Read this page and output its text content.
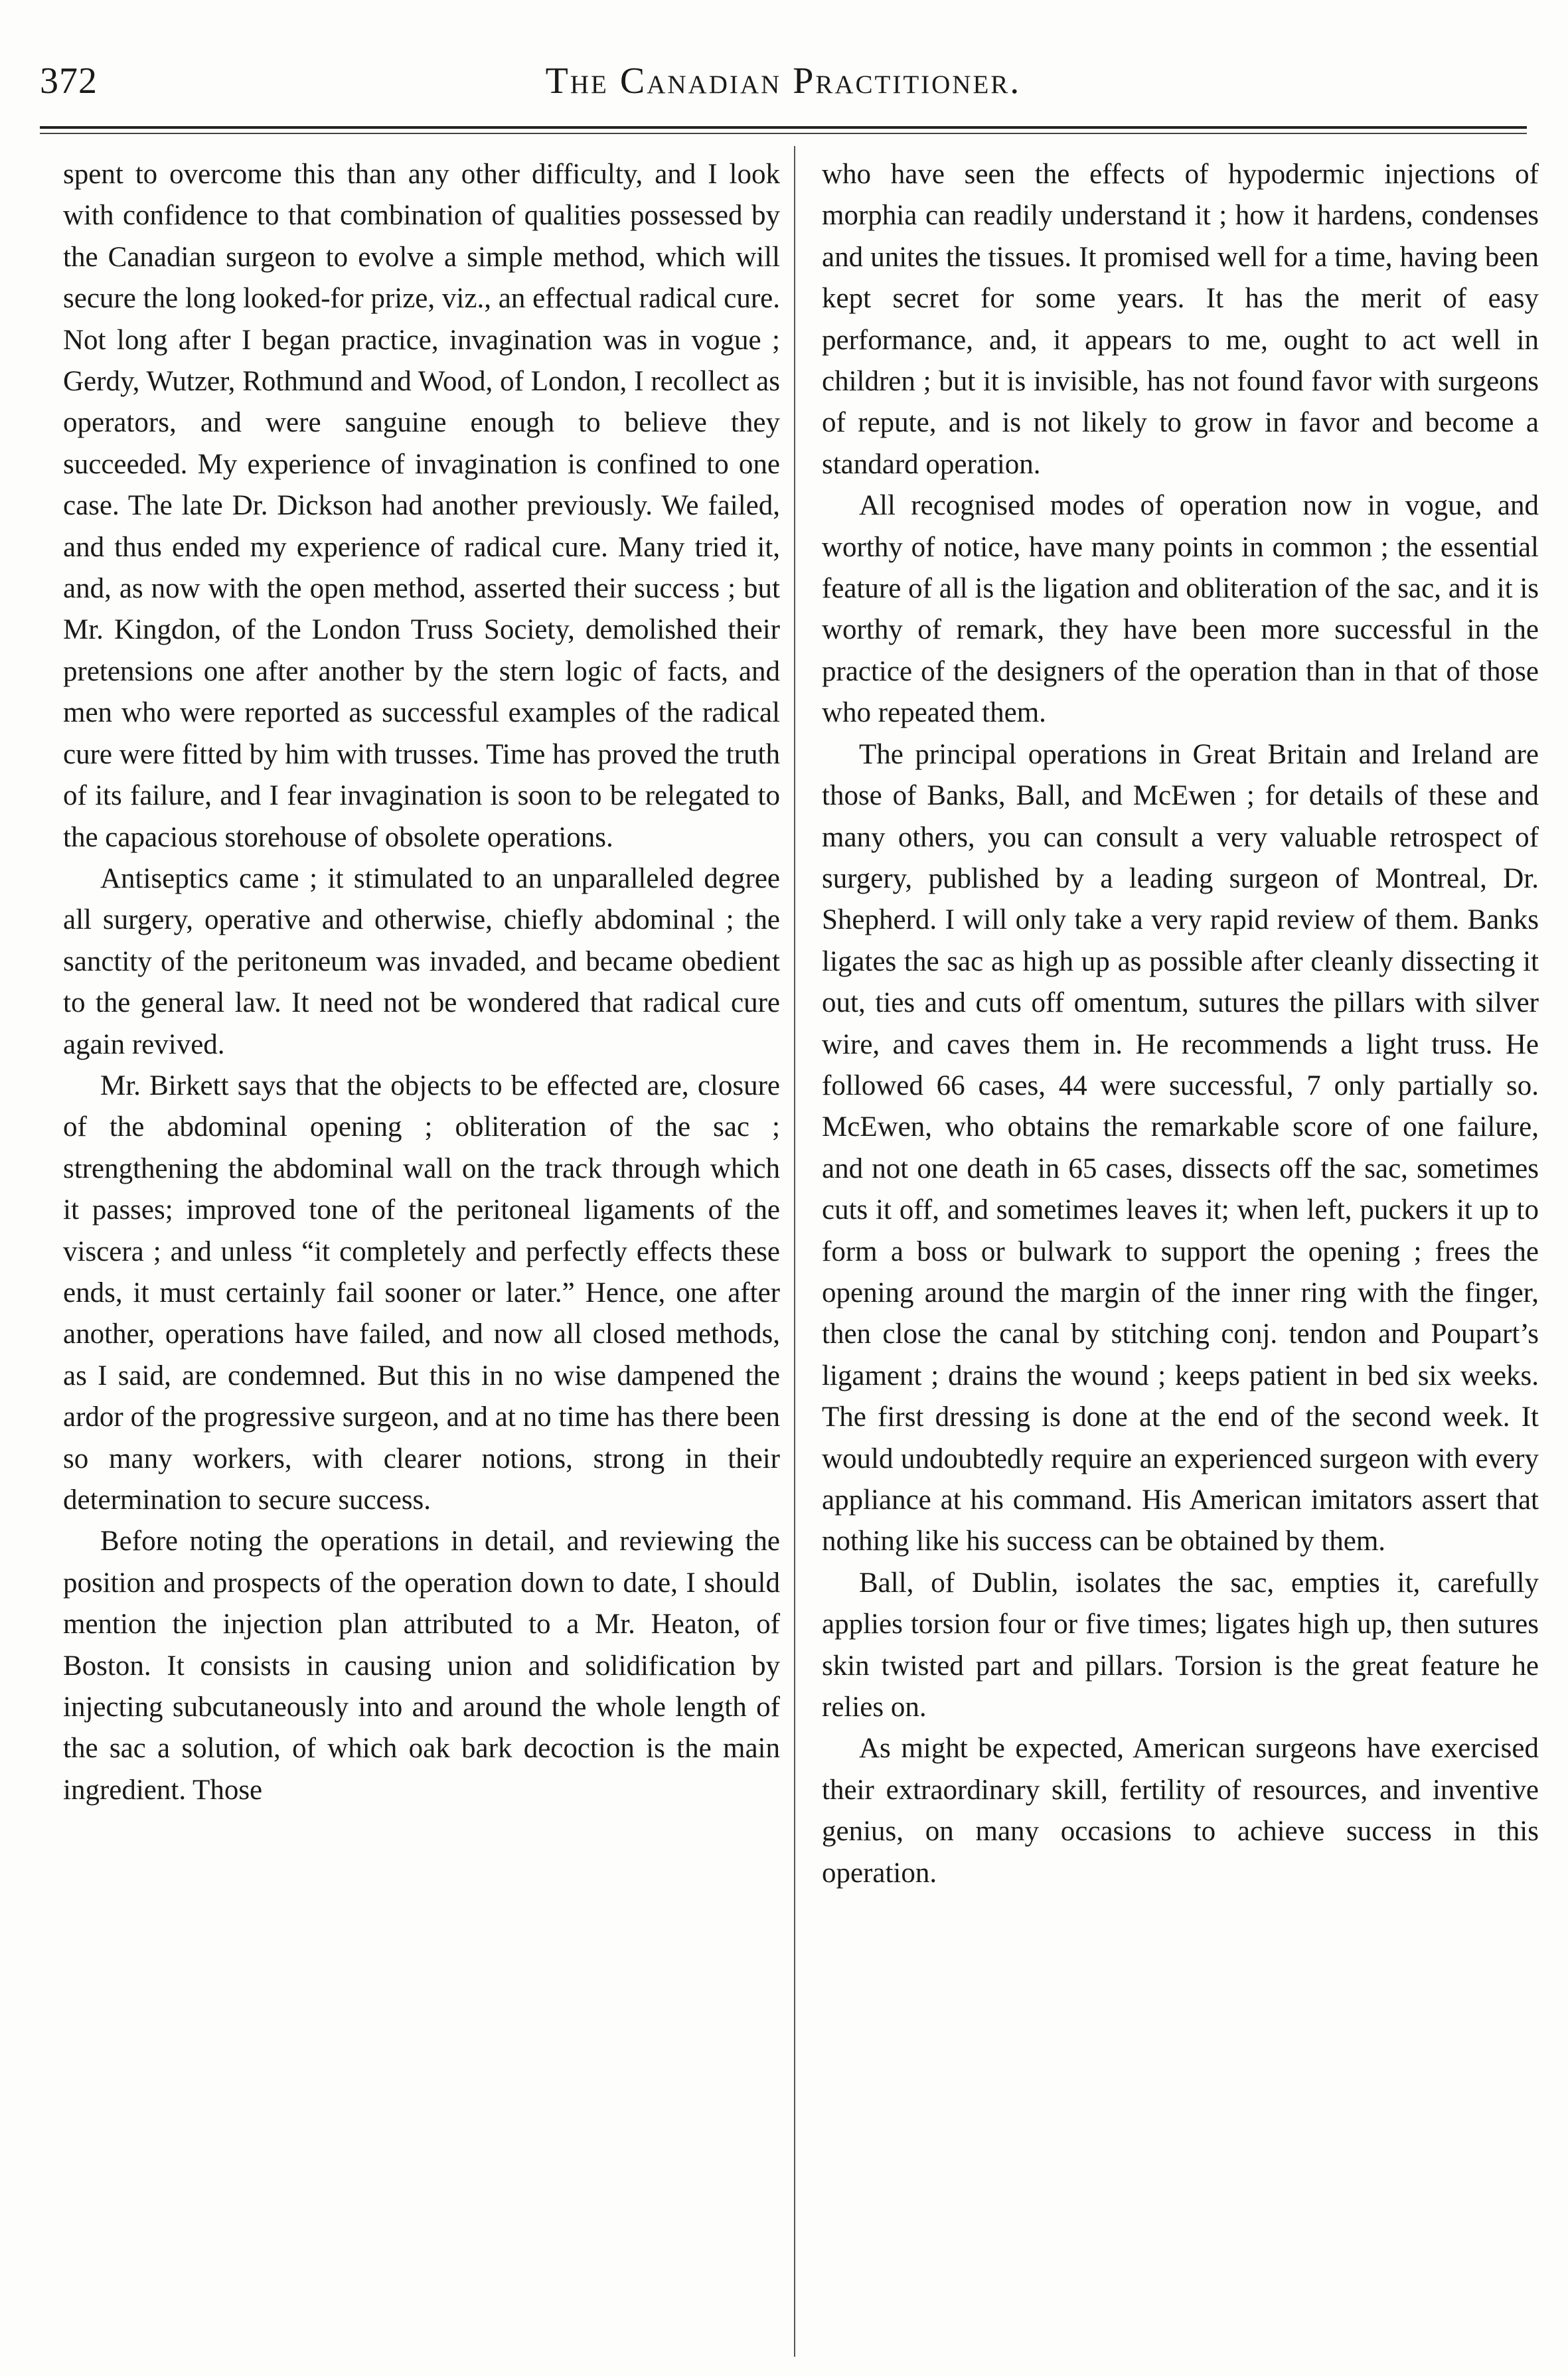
372	The Canadian Practitioner.

spent to overcome this than any other difficulty, and I look with confidence to that combination of qualities possessed by the Canadian surgeon to evolve a simple method, which will secure the long looked-for prize, viz., an effectual radical cure. Not long after I began practice, invagination was in vogue ; Gerdy, Wutzer, Rothmund and Wood, of London, I recollect as operators, and were sanguine enough to believe they succeeded. My experience of invagination is confined to one case. The late Dr. Dickson had another previously. We failed, and thus ended my experience of radical cure. Many tried it, and, as now with the open method, asserted their success ; but Mr. Kingdon, of the London Truss Society, demolished their pretensions one after another by the stern logic of facts, and men who were reported as successful examples of the radical cure were fitted by him with trusses. Time has proved the truth of its failure, and I fear invagination is soon to be relegated to the capacious storehouse of obsolete operations.

Antiseptics came ; it stimulated to an unparalleled degree all surgery, operative and otherwise, chiefly abdominal ; the sanctity of the peritoneum was invaded, and became obedient to the general law. It need not be wondered that radical cure again revived.

Mr. Birkett says that the objects to be effected are, closure of the abdominal opening ; obliteration of the sac ; strengthening the abdominal wall on the track through which it passes; improved tone of the peritoneal ligaments of the viscera ; and unless “it completely and perfectly effects these ends, it must certainly fail sooner or later.” Hence, one after another, operations have failed, and now all closed methods, as I said, are condemned. But this in no wise dampened the ardor of the progressive surgeon, and at no time has there been so many workers, with clearer notions, strong in their determination to secure success.

Before noting the operations in detail, and reviewing the position and prospects of the operation down to date, I should mention the injection plan attributed to a Mr. Heaton, of Boston. It consists in causing union and solidification by injecting subcutaneously into and around the whole length of the sac a solution, of which oak bark decoction is the main ingredient. Those

who have seen the effects of hypodermic injections of morphia can readily understand it ; how it hardens, condenses and unites the tissues. It promised well for a time, having been kept secret for some years. It has the merit of easy performance, and, it appears to me, ought to act well in children ; but it is invisible, has not found favor with surgeons of repute, and is not likely to grow in favor and become a standard operation.

All recognised modes of operation now in vogue, and worthy of notice, have many points in common ; the essential feature of all is the ligation and obliteration of the sac, and it is worthy of remark, they have been more successful in the practice of the designers of the operation than in that of those who repeated them.

The principal operations in Great Britain and Ireland are those of Banks, Ball, and McEwen ; for details of these and many others, you can consult a very valuable retrospect of surgery, published by a leading surgeon of Montreal, Dr. Shepherd. I will only take a very rapid review of them. Banks ligates the sac as high up as possible after cleanly dissecting it out, ties and cuts off omentum, sutures the pillars with silver wire, and caves them in. He recommends a light truss. He followed 66 cases, 44 were successful, 7 only partially so. McEwen, who obtains the remarkable score of one failure, and not one death in 65 cases, dissects off the sac, sometimes cuts it off, and sometimes leaves it; when left, puckers it up to form a boss or bulwark to support the opening ; frees the opening around the margin of the inner ring with the finger, then close the canal by stitching conj. tendon and Poupart’s ligament ; drains the wound ; keeps patient in bed six weeks. The first dressing is done at the end of the second week. It would undoubtedly require an experienced surgeon with every appliance at his command. His American imitators assert that nothing like his success can be obtained by them.

Ball, of Dublin, isolates the sac, empties it, carefully applies torsion four or five times; ligates high up, then sutures skin twisted part and pillars. Torsion is the great feature he relies on.

As might be expected, American surgeons have exercised their extraordinary skill, fertility of resources, and inventive genius, on many occasions to achieve success in this operation.
